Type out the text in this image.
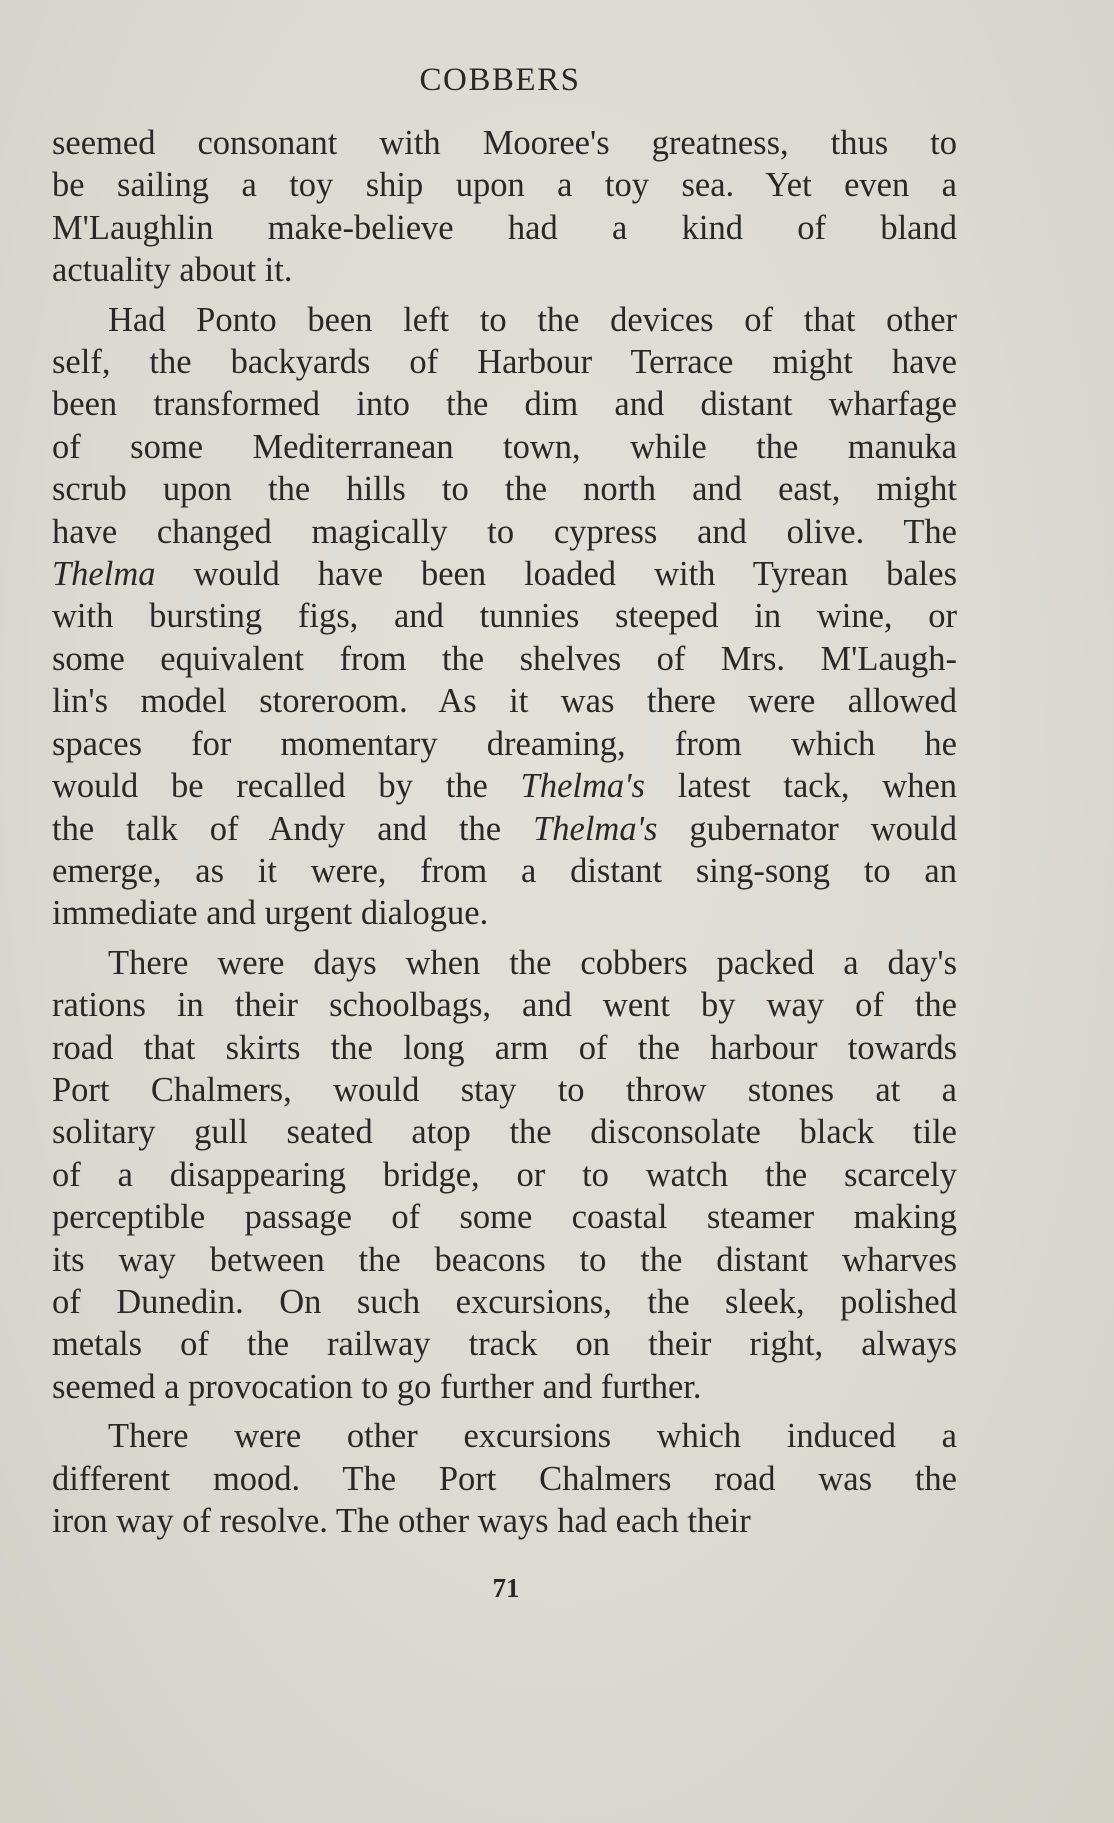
COBBERS
seemed consonant with Mooree's greatness, thus to
be sailing a toy ship upon a toy sea. Yet even a
M'Laughlin make-believe had a kind of bland
actuality about it.
Had Ponto been left to the devices of that other
self, the backyards of Harbour Terrace might have
been transformed into the dim and distant wharfage
of some Mediterranean town, while the manuka
scrub upon the hills to the north and east, might
have changed magically to cypress and olive. The
Thelma would have been loaded with Tyrean bales
with bursting figs, and tunnies steeped in wine, or
some equivalent from the shelves of Mrs. M'Laugh-
lin's model storeroom. As it was there were allowed
spaces for momentary dreaming, from which he
would be recalled by the Thelma's latest tack, when
the talk of Andy and the Thelma's gubernator would
emerge, as it were, from a distant sing-song to an
immediate and urgent dialogue.
There were days when the cobbers packed a day's
rations in their schoolbags, and went by way of the
road that skirts the long arm of the harbour towards
Port Chalmers, would stay to throw stones at a
solitary gull seated atop the disconsolate black tile
of a disappearing bridge, or to watch the scarcely
perceptible passage of some coastal steamer making
its way between the beacons to the distant wharves
of Dunedin. On such excursions, the sleek, polished
metals of the railway track on their right, always
seemed a provocation to go further and further.
There were other excursions which induced a
different mood. The Port Chalmers road was the
iron way of resolve. The other ways had each their
71
